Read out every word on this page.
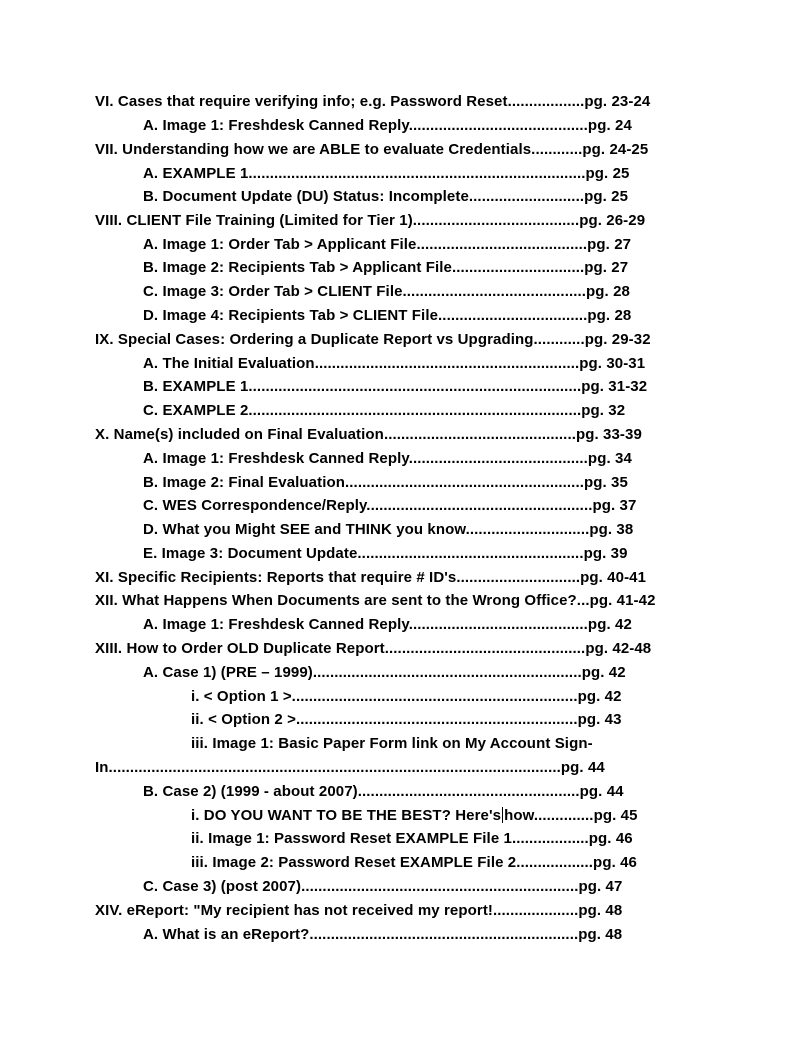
VI. Cases that require verifying info; e.g. Password Reset..................pg. 23-24
A. Image 1: Freshdesk Canned Reply..........................................pg. 24
VII. Understanding how we are ABLE to evaluate Credentials............pg. 24-25
A. EXAMPLE 1...............................................................................pg. 25
B. Document Update (DU) Status: Incomplete...........................pg. 25
VIII. CLIENT File Training (Limited for Tier 1).......................................pg. 26-29
A. Image 1: Order Tab > Applicant File........................................pg. 27
B. Image 2: Recipients Tab > Applicant File...............................pg. 27
C. Image 3: Order Tab > CLIENT File...........................................pg. 28
D. Image 4: Recipients Tab > CLIENT File...................................pg. 28
IX. Special Cases: Ordering a Duplicate Report vs Upgrading............pg. 29-32
A. The Initial Evaluation..............................................................pg. 30-31
B. EXAMPLE 1..............................................................................pg. 31-32
C. EXAMPLE 2..............................................................................pg. 32
X. Name(s) included on Final Evaluation.............................................pg. 33-39
A. Image 1: Freshdesk Canned Reply..........................................pg. 34
B. Image 2: Final Evaluation........................................................pg. 35
C. WES Correspondence/Reply.....................................................pg. 37
D. What you Might SEE and THINK you know.............................pg. 38
E. Image 3: Document Update.....................................................pg. 39
XI. Specific Recipients: Reports that require # ID's.............................pg. 40-41
XII. What Happens When Documents are sent to the Wrong Office?...pg. 41-42
A. Image 1: Freshdesk Canned Reply..........................................pg. 42
XIII. How to Order OLD Duplicate Report...............................................pg. 42-48
A. Case 1) (PRE – 1999)...............................................................pg. 42
i. < Option 1 >...................................................................pg. 42
ii. < Option 2 >..................................................................pg. 43
iii. Image 1: Basic Paper Form link on My Account Sign-
In..........................................................................................................pg. 44
B. Case 2) (1999 - about 2007)....................................................pg. 44
i. DO YOU WANT TO BE THE BEST? Here's how..............pg. 45
ii. Image 1: Password Reset EXAMPLE File 1..................pg. 46
iii. Image 2: Password Reset EXAMPLE File 2..................pg. 46
C. Case 3) (post 2007).................................................................pg. 47
XIV. eReport: "My recipient has not received my report!....................pg. 48
A. What is an eReport?...............................................................pg. 48
